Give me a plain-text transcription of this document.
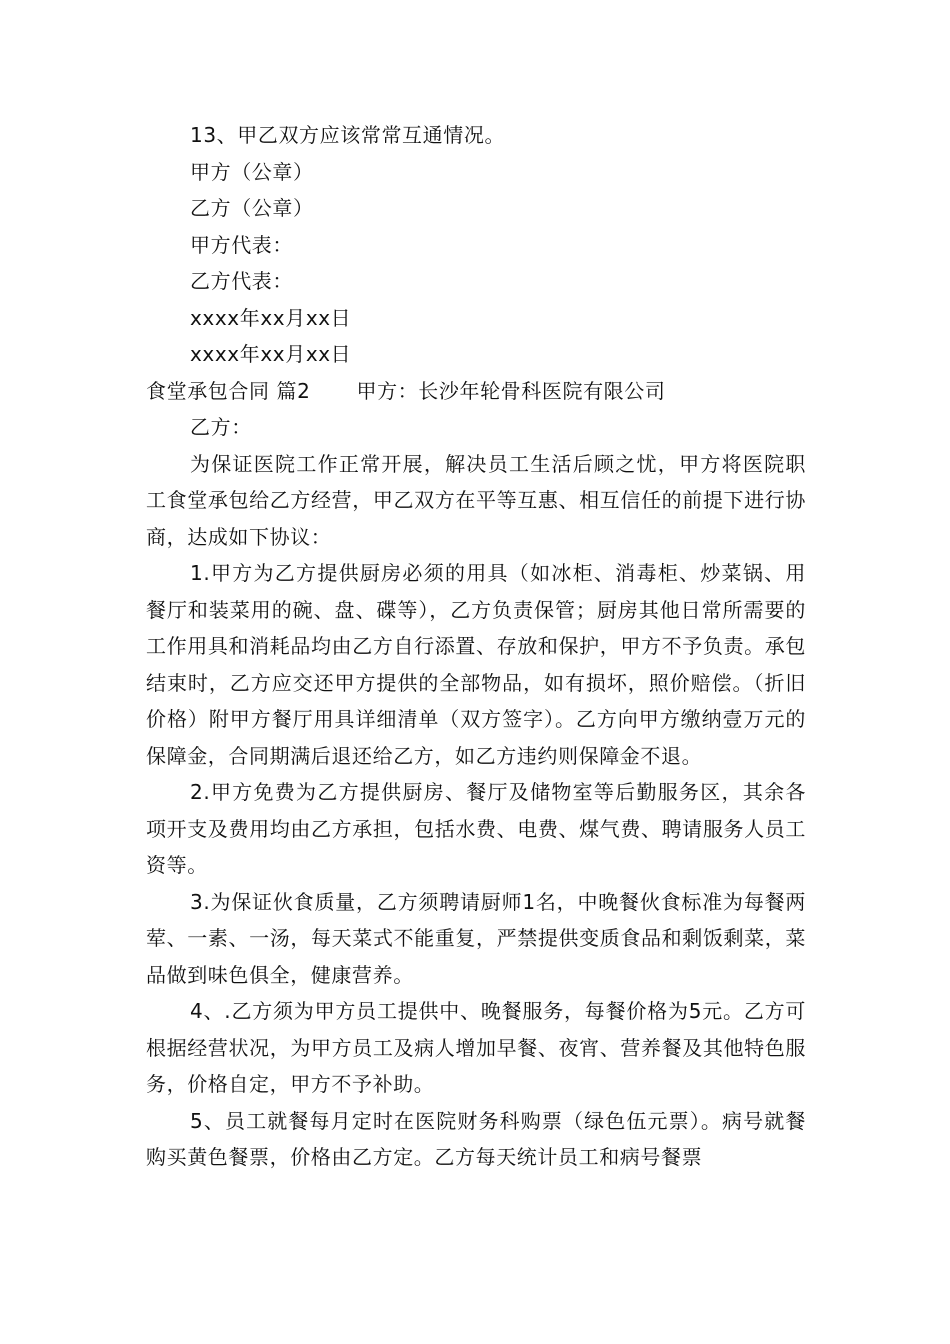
13、甲乙双方应该常常互通情况。

甲方（公章）

乙方（公章）

甲方代表：

乙方代表：

xxxx年xx月xx日

xxxx年xx月xx日

食堂承包合同 篇2 甲方：长沙年轮骨科医院有限公司

乙方：

为保证医院工作正常开展，解决员工生活后顾之忧，甲方将医院职工食堂承包给乙方经营，甲乙双方在平等互惠、相互信任的前提下进行协商，达成如下协议：

1.甲方为乙方提供厨房必须的用具（如冰柜、消毒柜、炒菜锅、用餐厅和装菜用的碗、盘、碟等），乙方负责保管；厨房其他日常所需要的工作用具和消耗品均由乙方自行添置、存放和保护，甲方不予负责。承包结束时，乙方应交还甲方提供的全部物品，如有损坏，照价赔偿。（折旧价格）附甲方餐厅用具详细清单（双方签字）。乙方向甲方缴纳壹万元的保障金，合同期满后退还给乙方，如乙方违约则保障金不退。

2.甲方免费为乙方提供厨房、餐厅及储物室等后勤服务区，其余各项开支及费用均由乙方承担，包括水费、电费、煤气费、聘请服务人员工资等。

3.为保证伙食质量，乙方须聘请厨师1名，中晚餐伙食标准为每餐两荤、一素、一汤，每天菜式不能重复，严禁提供变质食品和剩饭剩菜，菜品做到味色俱全，健康营养。

4、.乙方须为甲方员工提供中、晚餐服务，每餐价格为5元。乙方可根据经营状况，为甲方员工及病人增加早餐、夜宵、营养餐及其他特色服务，价格自定，甲方不予补助。

5、员工就餐每月定时在医院财务科购票（绿色伍元票）。病号就餐购买黄色餐票，价格由乙方定。乙方每天统计员工和病号餐票
